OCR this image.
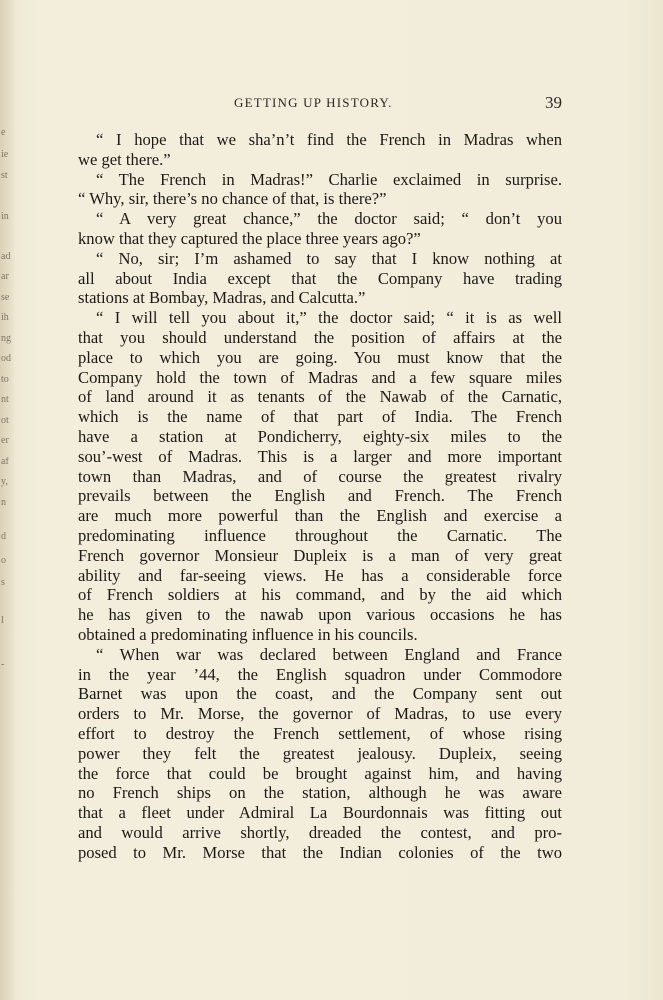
e
ie
st
in
ad
ar
se
ih
ng
od
to
nt
ot
er
af
y,
n
d
o
s
l
-
GETTING UP HISTORY.	39
“ I hope that we sha’n’t find the French in Madras when
we get there.”
“ The French in Madras!” Charlie exclaimed in surprise.
“ Why, sir, there’s no chance of that, is there?”
“ A very great chance,” the doctor said; “ don’t you
know that they captured the place three years ago?”
“ No, sir; I’m ashamed to say that I know nothing at
all about India except that the Company have trading
stations at Bombay, Madras, and Calcutta.”
“ I will tell you about it,” the doctor said; “ it is as well
that you should understand the position of affairs at the
place to which you are going. You must know that the
Company hold the town of Madras and a few square miles
of land around it as tenants of the Nawab of the Carnatic,
which is the name of that part of India. The French
have a station at Pondicherry, eighty-six miles to the
sou’-west of Madras. This is a larger and more important
town than Madras, and of course the greatest rivalry
prevails between the English and French. The French
are much more powerful than the English and exercise a
predominating influence throughout the Carnatic. The
French governor Monsieur Dupleix is a man of very great
ability and far-seeing views. He has a considerable force
of French soldiers at his command, and by the aid which
he has given to the nawab upon various occasions he has
obtained a predominating influence in his councils.
“ When war was declared between England and France
in the year ’44, the English squadron under Commodore
Barnet was upon the coast, and the Company sent out
orders to Mr. Morse, the governor of Madras, to use every
effort to destroy the French settlement, of whose rising
power they felt the greatest jealousy. Dupleix, seeing
the force that could be brought against him, and having
no French ships on the station, although he was aware
that a fleet under Admiral La Bourdonnais was fitting out
and would arrive shortly, dreaded the contest, and pro-
posed to Mr. Morse that the Indian colonies of the two
